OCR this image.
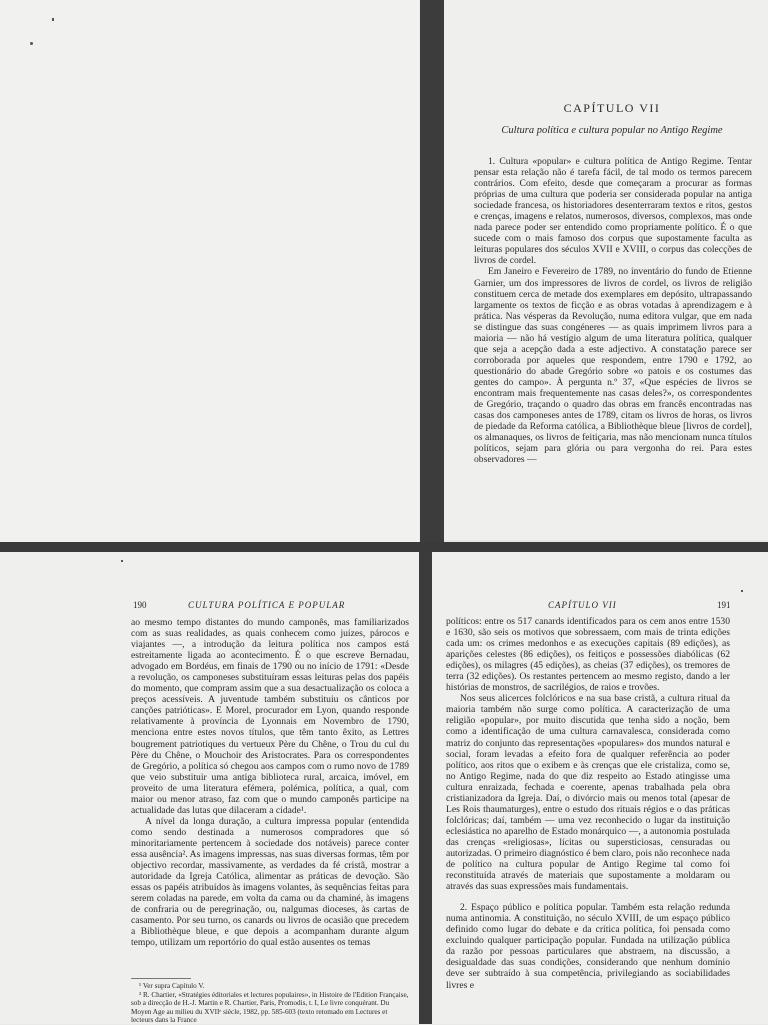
CAPÍTULO VII
Cultura política e cultura popular no Antigo Regime

1. Cultura «popular» e cultura política de Antigo Regime. Tentar pensar esta relação não é tarefa fácil, de tal modo os termos parecem contrários. Com efeito, desde que começaram a procurar as formas próprias de uma cultura que poderia ser considerada popular na antiga sociedade francesa, os historiadores desenterraram textos e ritos, gestos e crenças, imagens e relatos, numerosos, diversos, complexos, mas onde nada parece poder ser entendido como propriamente político. É o que sucede com o mais famoso dos corpus que supostamente faculta as leituras populares dos séculos XVII e XVIII, o corpus das colecções de livros de cordel.

Em Janeiro e Fevereiro de 1789, no inventário do fundo de Etienne Garnier, um dos impressores de livros de cordel, os livros de religião constituem cerca de metade dos exemplares em depósito, ultrapassando largamente os textos de ficção e as obras votadas à aprendizagem e à prática. Nas vésperas da Revolução, numa editora vulgar, que em nada se distingue das suas congéneres — as quais imprimem livros para a maioria — não há vestígio algum de uma literatura política, qualquer que seja a acepção dada a este adjectivo. A constatação parece ser corroborada por aqueles que respondem, entre 1790 e 1792, ao questionário do abade Gregório sobre «o patois e os costumes das gentes do campo». À pergunta n.º 37, «Que espécies de livros se encontram mais frequentemente nas casas deles?», os correspondentes de Gregório, traçando o quadro das obras em francês encontradas nas casas dos camponeses antes de 1789, citam os livros de horas, os livros de piedade da Reforma católica, a Bibliothèque bleue [livros de cordel], os almanaques, os livros de feitiçaria, mas não mencionam nunca títulos políticos, sejam para glória ou para vergonha do rei. Para estes observadores —

190	CULTURA POLÍTICA E POPULAR

ao mesmo tempo distantes do mundo camponês, mas familiarizados com as suas realidades, as quais conhecem como juízes, párocos e viajantes —, a introdução da leitura política nos campos está estreitamente ligada ao acontecimento. É o que escreve Bernadau, advogado em Bordéus, em finais de 1790 ou no início de 1791: «Desde a revolução, os camponeses substituíram essas leituras pelas dos papéis do momento, que compram assim que a sua desactualização os coloca a preços acessíveis. A juventude também substituiu os cânticos por canções patrióticas». E Morel, procurador em Lyon, quando responde relativamente à província de Lyonnais em Novembro de 1790, menciona entre estes novos títulos, que têm tanto êxito, as Lettres bougrement patriotiques du vertueux Père du Chêne, o Trou du cul du Père du Chêne, o Mouchoir des Aristocrates. Para os correspondentes de Gregório, a política só chegou aos campos com o rumo novo de 1789 que veio substituir uma antiga biblioteca rural, arcaica, imóvel, em proveito de uma literatura efémera, polémica, política, a qual, com maior ou menor atraso, faz com que o mundo camponês participe na actualidade das lutas que dilaceram a cidade¹.

A nível da longa duração, a cultura impressa popular (entendida como sendo destinada a numerosos compradores que só minoritariamente pertencem à sociedade dos notáveis) parece conter essa ausência². As imagens impressas, nas suas diversas formas, têm por objectivo recordar, massivamente, as verdades da fé cristã, mostrar a autoridade da Igreja Católica, alimentar as práticas de devoção. São essas os papéis atribuídos às imagens volantes, às sequências feitas para serem coladas na parede, em volta da cama ou da chaminé, às imagens de confraria ou de peregrinação, ou, nalgumas dioceses, às cartas de casamento. Por seu turno, os canards ou livros de ocasião que precedem a Bibliothèque bleue, e que depois a acompanham durante algum tempo, utilizam um reportório do qual estão ausentes os temas

¹ Ver supra Capítulo V.
² R. Chartier, «Stratégies éditoriales et lectures populaires», in Histoire de l'Edition Française, sob a direcção de H.-J. Martin e R. Chartier, Paris, Promodis, t. I, Le livre conquérant. Du Moyen Age au milieu du XVIIᵉ siècle, 1982, pp. 585-603 (texto retomado em Lectures et lecteurs dans la France
CAPÍTULO VII	191

políticos: entre os 517 canards identificados para os cem anos entre 1530 e 1630, são seis os motivos que sobressaem, com mais de trinta edições cada um: os crimes medonhos e as execuções capitais (89 edições), as aparições celestes (86 edições), os feitiços e possessões diabólicas (62 edições), os milagres (45 edições), as cheias (37 edições), os tremores de terra (32 edições). Os restantes pertencem ao mesmo registo, dando a ler histórias de monstros, de sacrilégios, de raios e trovões.

Nos seus alicerces folclóricos e na sua base cristã, a cultura ritual da maioria também não surge como política. A caracterização de uma religião «popular», por muito discutida que tenha sido a noção, bem como a identificação de uma cultura carnavalesca, considerada como matriz do conjunto das representações «populares» dos mundos natural e social, foram levadas a efeito fora de qualquer referência ao poder político, aos ritos que o exibem e às crenças que ele cristaliza, como se, no Antigo Regime, nada do que diz respeito ao Estado atingisse uma cultura enraizada, fechada e coerente, apenas trabalhada pela obra cristianizadora da Igreja. Daí, o divórcio mais ou menos total (apesar de Les Rois thaumaturges), entre o estudo dos rituais régios e o das práticas folclóricas; daí, também — uma vez reconhecido o lugar da instituição eclesiástica no aparelho de Estado monárquico —, a autonomia postulada das crenças «religiosas», lícitas ou supersticiosas, censuradas ou autorizadas. O primeiro diagnóstico é bem claro, pois não reconhece nada de político na cultura popular de Antigo Regime tal como foi reconstituída através de materiais que supostamente a moldaram ou através das suas expressões mais fundamentais.

2. Espaço público e política popular. Também esta relação redunda numa antinomia. A constituição, no século XVIII, de um espaço público definido como lugar do debate e da crítica política, foi pensada como excluindo qualquer participação popular. Fundada na utilização pública da razão por pessoas particulares que abstraem, na discussão, a desigualdade das suas condições, considerando que nenhum domínio deve ser subtraído à sua competência, privilegiando as sociabilidades livres e
